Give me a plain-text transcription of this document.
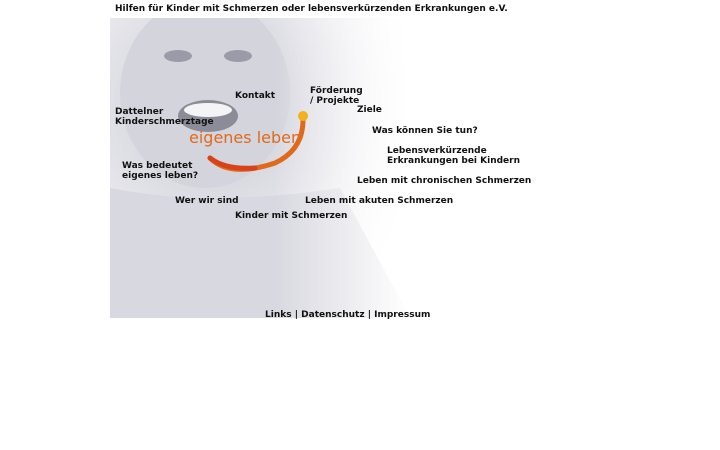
Hilfen für Kinder mit Schmerzen oder lebensverkürzenden Erkrankungen e.V.
eigenes leben
Kontakt	Förderung
/ Projekte
Ziele
Dattelner
Kinderschmerztage
Was können Sie tun?
Lebensverkürzende
Erkrankungen bei Kindern
Was bedeutet
eigenes leben?	Leben mit chronischen Schmerzen
Wer wir sind	Leben mit akuten Schmerzen
Kinder mit Schmerzen
Links | Datenschutz | Impressum
